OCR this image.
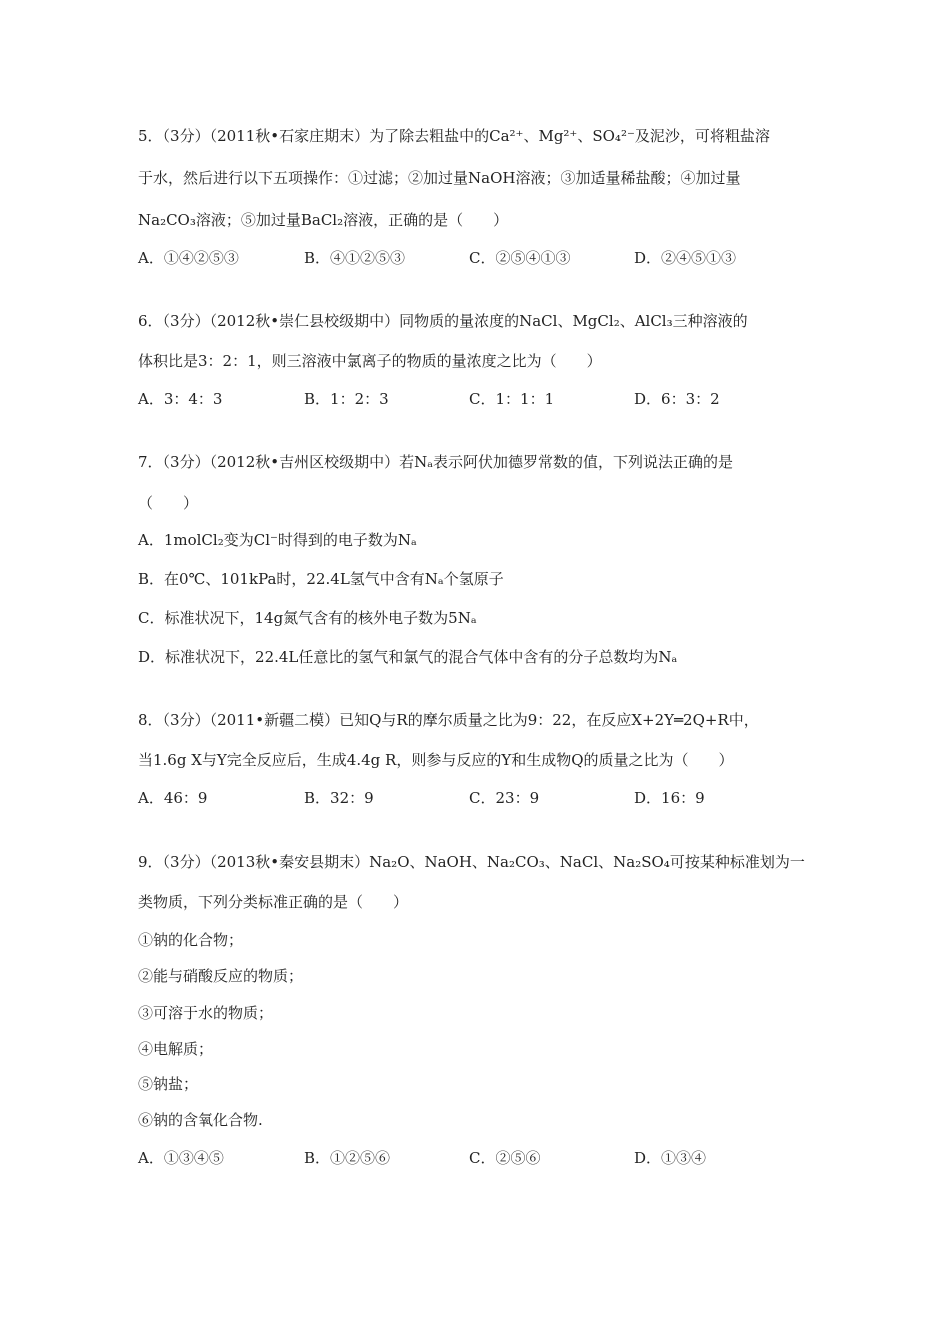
5．（3分）（2011秋•石家庄期末）为了除去粗盐中的Ca²⁺、Mg²⁺、SO₄²⁻及泥沙，可将粗盐溶
于水，然后进行以下五项操作：①过滤；②加过量NaOH溶液；③加适量稀盐酸；④加过量
Na₂CO₃溶液；⑤加过量BaCl₂溶液，正确的是（　　）
A．①④②⑤③	B．④①②⑤③	C．②⑤④①③	D．②④⑤①③
6．（3分）（2012秋•崇仁县校级期中）同物质的量浓度的NaCl、MgCl₂、AlCl₃三种溶液的
体积比是3：2：1，则三溶液中氯离子的物质的量浓度之比为（　　）
A．3：4：3	B．1：2：3	C．1：1：1	D．6：3：2
7．（3分）（2012秋•吉州区校级期中）若Nₐ表示阿伏加德罗常数的值，下列说法正确的是
（　　）
A．1molCl₂变为Cl⁻时得到的电子数为Nₐ
B．在0℃、101kPa时，22.4L氢气中含有Nₐ个氢原子
C．标准状况下，14g氮气含有的核外电子数为5Nₐ
D．标准状况下，22.4L任意比的氢气和氯气的混合气体中含有的分子总数均为Nₐ
8．（3分）（2011•新疆二模）已知Q与R的摩尔质量之比为9：22，在反应X+2Y═2Q+R中，
当1.6g X与Y完全反应后，生成4.4g R，则参与反应的Y和生成物Q的质量之比为（　　）
A．46：9	B．32：9	C．23：9	D．16：9
9．（3分）（2013秋•秦安县期末）Na₂O、NaOH、Na₂CO₃、NaCl、Na₂SO₄可按某种标准划为一
类物质，下列分类标准正确的是（　　）
①钠的化合物；
②能与硝酸反应的物质；
③可溶于水的物质；
④电解质；
⑤钠盐；
⑥钠的含氧化合物.
A．①③④⑤	B．①②⑤⑥	C．②⑤⑥	D．①③④
